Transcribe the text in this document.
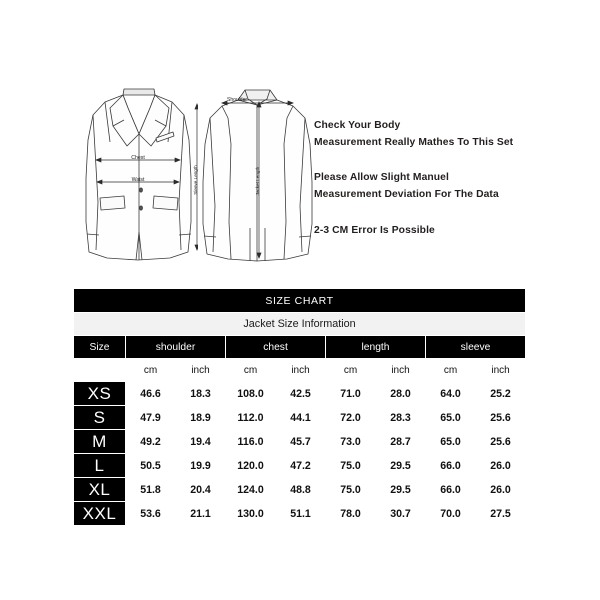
Chest
Waist	Sleeve Length
Shoulder
Jacket Length
Check Your Body
Measurement Really Mathes To This Set
Please Allow Slight Manuel
Measurement Deviation For The Data
2-3 CM Error Is Possible
SIZE CHART								
Jacket Size Information								
Size	shoulder		chest		length		sleeve	
	cm	inch	cm	inch	cm	inch	cm	inch
XS	46.6	18.3	108.0	42.5	71.0	28.0	64.0	25.2
S	47.9	18.9	112.0	44.1	72.0	28.3	65.0	25.6
M	49.2	19.4	116.0	45.7	73.0	28.7	65.0	25.6
L	50.5	19.9	120.0	47.2	75.0	29.5	66.0	26.0
XL	51.8	20.4	124.0	48.8	75.0	29.5	66.0	26.0
XXL	53.6	21.1	130.0	51.1	78.0	30.7	70.0	27.5
